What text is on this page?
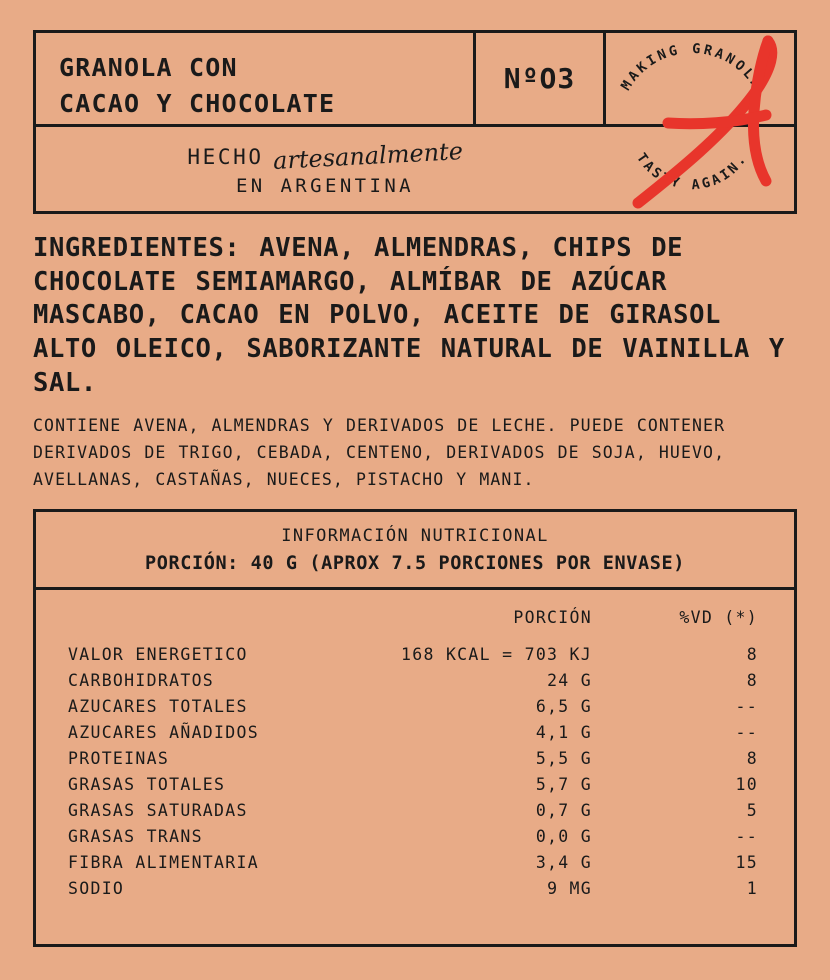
GRANOLA CON
CACAO Y CHOCOLATE
NºO3	MAKING GRANOLA
TASTY AGAIN.
HECHO artesanalmente
EN ARGENTINA
INGREDIENTES: AVENA, ALMENDRAS, CHIPS DE CHOCOLATE SEMIAMARGO, ALMÍBAR DE AZÚCAR MASCABO, CACAO EN POLVO, ACEITE DE GIRASOL ALTO OLEICO, SABORIZANTE NATURAL DE VAINILLA Y SAL.
CONTIENE AVENA, ALMENDRAS Y DERIVADOS DE LECHE. PUEDE CONTENER DERIVADOS DE TRIGO, CEBADA, CENTENO, DERIVADOS DE SOJA, HUEVO, AVELLANAS, CASTAÑAS, NUECES, PISTACHO Y MANI.
INFORMACIÓN NUTRICIONAL
PORCIÓN: 40 G (APROX 7.5 PORCIONES POR ENVASE)
	PORCIÓN	%VD (*)
VALOR ENERGETICO	168 KCAL = 703 KJ	8
CARBOHIDRATOS	24 G	8
AZUCARES TOTALES	6,5 G	--
AZUCARES AÑADIDOS	4,1 G	--
PROTEINAS	5,5 G	8
GRASAS TOTALES	5,7 G	10
GRASAS SATURADAS	0,7 G	5
GRASAS TRANS	0,0 G	--
FIBRA ALIMENTARIA	3,4 G	15
SODIO	9 MG	1
